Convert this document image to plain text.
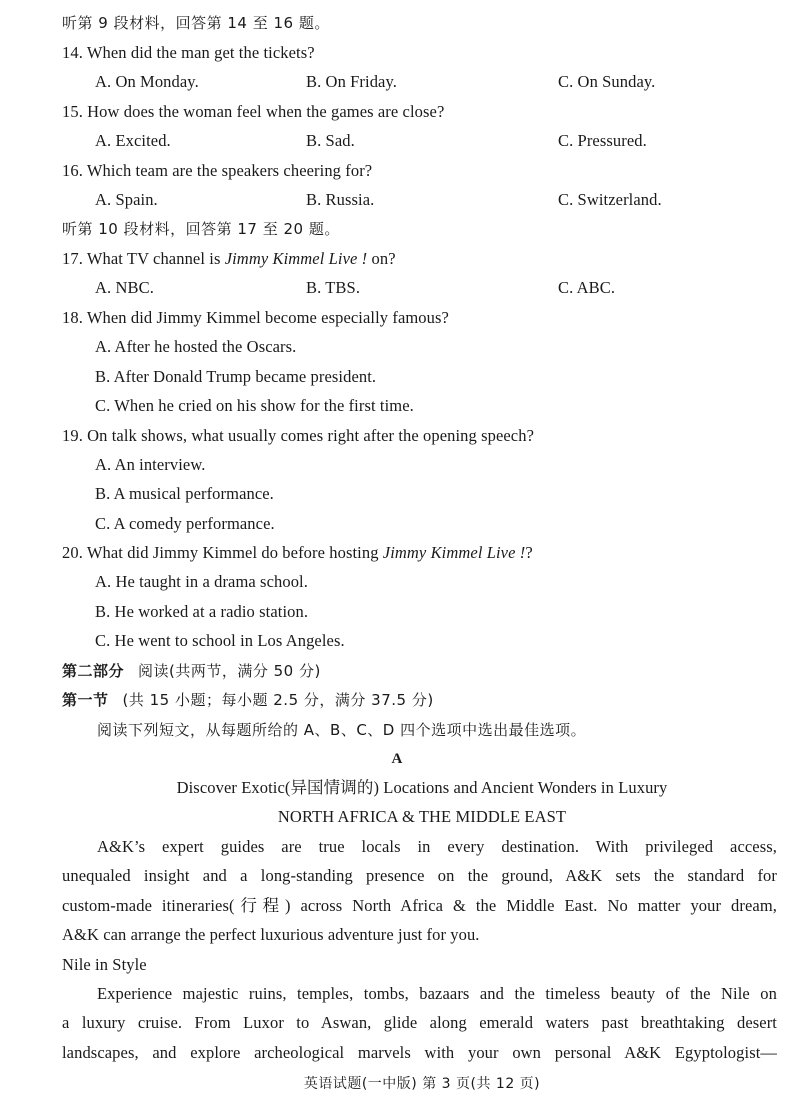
听第 9 段材料，回答第 14 至 16 题。
14. When did the man get the tickets?
A. On Monday.	B. On Friday.	C. On Sunday.
15. How does the woman feel when the games are close?
A. Excited.	B. Sad.	C. Pressured.
16. Which team are the speakers cheering for?
A. Spain.	B. Russia.	C. Switzerland.
听第 10 段材料，回答第 17 至 20 题。
17. What TV channel is Jimmy Kimmel Live ! on?
A. NBC.	B. TBS.	C. ABC.
18. When did Jimmy Kimmel become especially famous?
A. After he hosted the Oscars.
B. After Donald Trump became president.
C. When he cried on his show for the first time.
19. On talk shows, what usually comes right after the opening speech?
A. An interview.
B. A musical performance.
C. A comedy performance.
20. What did Jimmy Kimmel do before hosting Jimmy Kimmel Live !?
A. He taught in a drama school.
B. He worked at a radio station.
C. He went to school in Los Angeles.
第二部分 阅读(共两节，满分 50 分)
第一节 (共 15 小题；每小题 2.5 分，满分 37.5 分)
阅读下列短文，从每题所给的 A、B、C、D 四个选项中选出最佳选项。
A
Discover Exotic(异国情调的) Locations and Ancient Wonders in Luxury
NORTH AFRICA & THE MIDDLE EAST
A&K’s expert guides are true locals in every destination. With privileged access,
unequaled insight and a long-standing presence on the ground, A&K sets the standard for
custom-made itineraries(行程) across North Africa & the Middle East. No matter your dream,
A&K can arrange the perfect luxurious adventure just for you.
Nile in Style
Experience majestic ruins, temples, tombs, bazaars and the timeless beauty of the Nile on
a luxury cruise. From Luxor to Aswan, glide along emerald waters past breathtaking desert
landscapes, and explore archeological marvels with your own personal A&K Egyptologist—
英语试题(一中版) 第 3 页(共 12 页)
